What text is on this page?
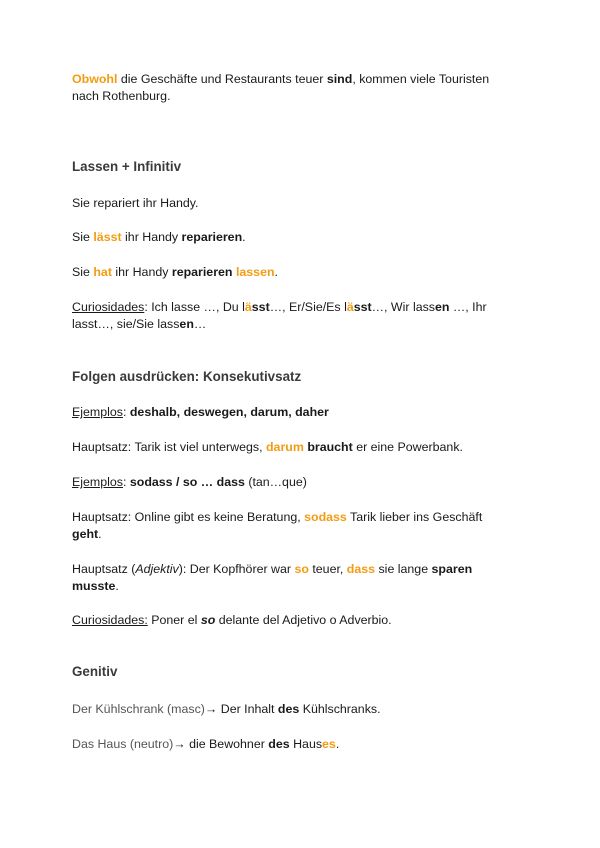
Obwohl die Geschäfte und Restaurants teuer sind, kommen viele Touristen
nach Rothenburg.

Lassen + Infinitiv

Sie repariert ihr Handy.

Sie lässt ihr Handy reparieren.

Sie hat ihr Handy reparieren lassen.

Curiosidades: Ich lasse …, Du lässt…, Er/Sie/Es lässt…, Wir lassen …, Ihr
lasst…, sie/Sie lassen…

Folgen ausdrücken: Konsekutivsatz

Ejemplos: deshalb, deswegen, darum, daher

Hauptsatz: Tarik ist viel unterwegs, darum braucht er eine Powerbank.

Ejemplos: sodass / so … dass (tan…que)

Hauptsatz: Online gibt es keine Beratung, sodass Tarik lieber ins Geschäft
geht.

Hauptsatz (Adjektiv): Der Kopfhörer war so teuer, dass sie lange sparen
musste.

Curiosidades: Poner el so delante del Adjetivo o Adverbio.

Genitiv

Der Kühlschrank (masc)→ Der Inhalt des Kühlschranks.

Das Haus (neutro)→ die Bewohner des Hauses.
